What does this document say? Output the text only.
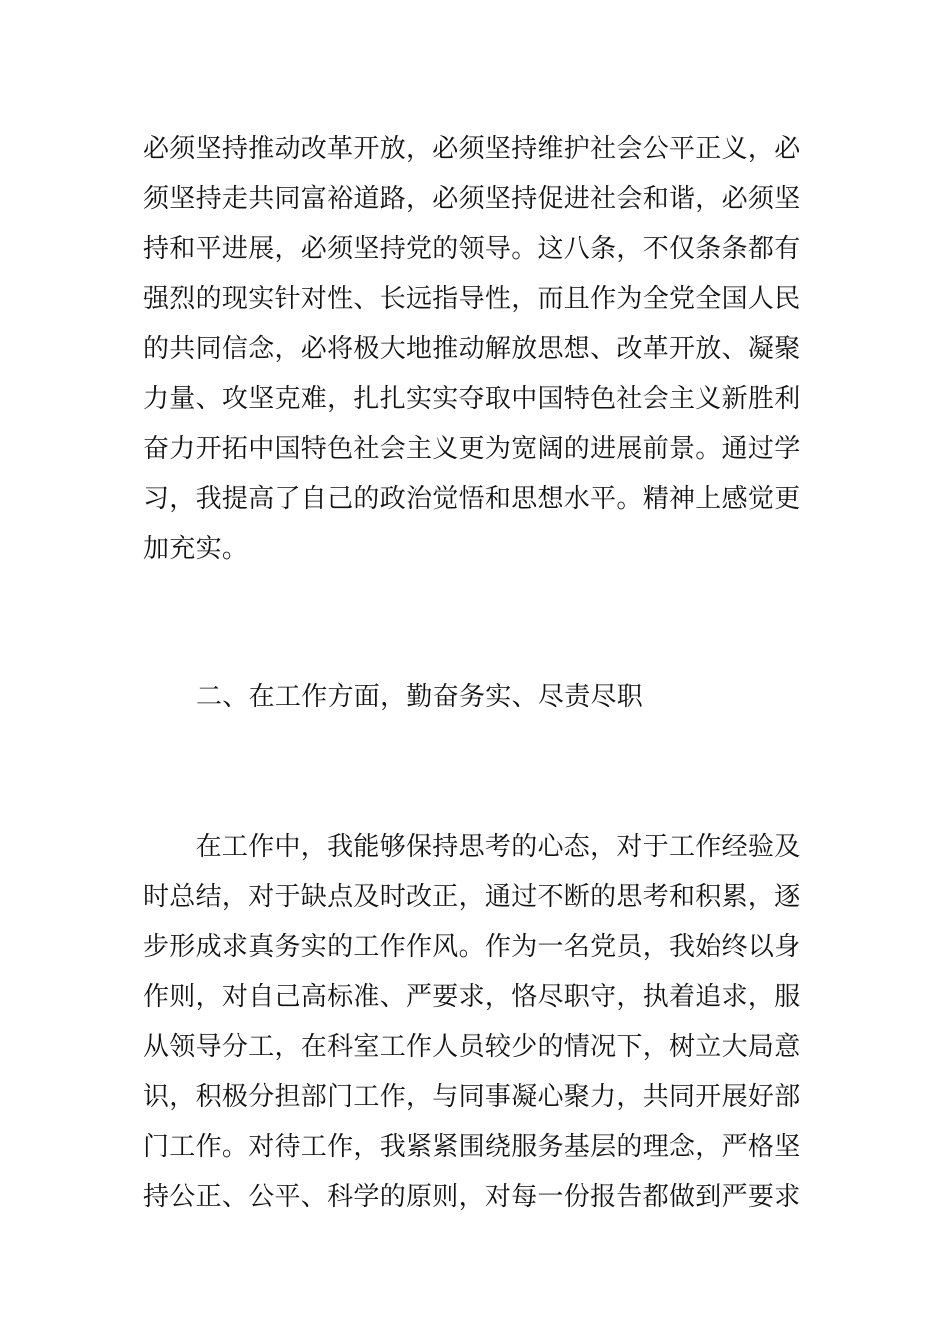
必须坚持推动改革开放，必须坚持维护社会公平正义，必
须坚持走共同富裕道路，必须坚持促进社会和谐，必须坚
持和平进展，必须坚持党的领导。这八条，不仅条条都有
强烈的现实针对性、长远指导性，而且作为全党全国人民
的共同信念，必将极大地推动解放思想、改革开放、凝聚
力量、攻坚克难，扎扎实实夺取中国特色社会主义新胜利
奋力开拓中国特色社会主义更为宽阔的进展前景。通过学
习，我提高了自己的政治觉悟和思想水平。精神上感觉更
加充实。
二、在工作方面，勤奋务实、尽责尽职
　　在工作中，我能够保持思考的心态，对于工作经验及
时总结，对于缺点及时改正，通过不断的思考和积累，逐
步形成求真务实的工作作风。作为一名党员，我始终以身
作则，对自己高标准、严要求，恪尽职守，执着追求，服
从领导分工，在科室工作人员较少的情况下，树立大局意
识，积极分担部门工作，与同事凝心聚力，共同开展好部
门工作。对待工作，我紧紧围绕服务基层的理念，严格坚
持公正、公平、科学的原则，对每一份报告都做到严要求
